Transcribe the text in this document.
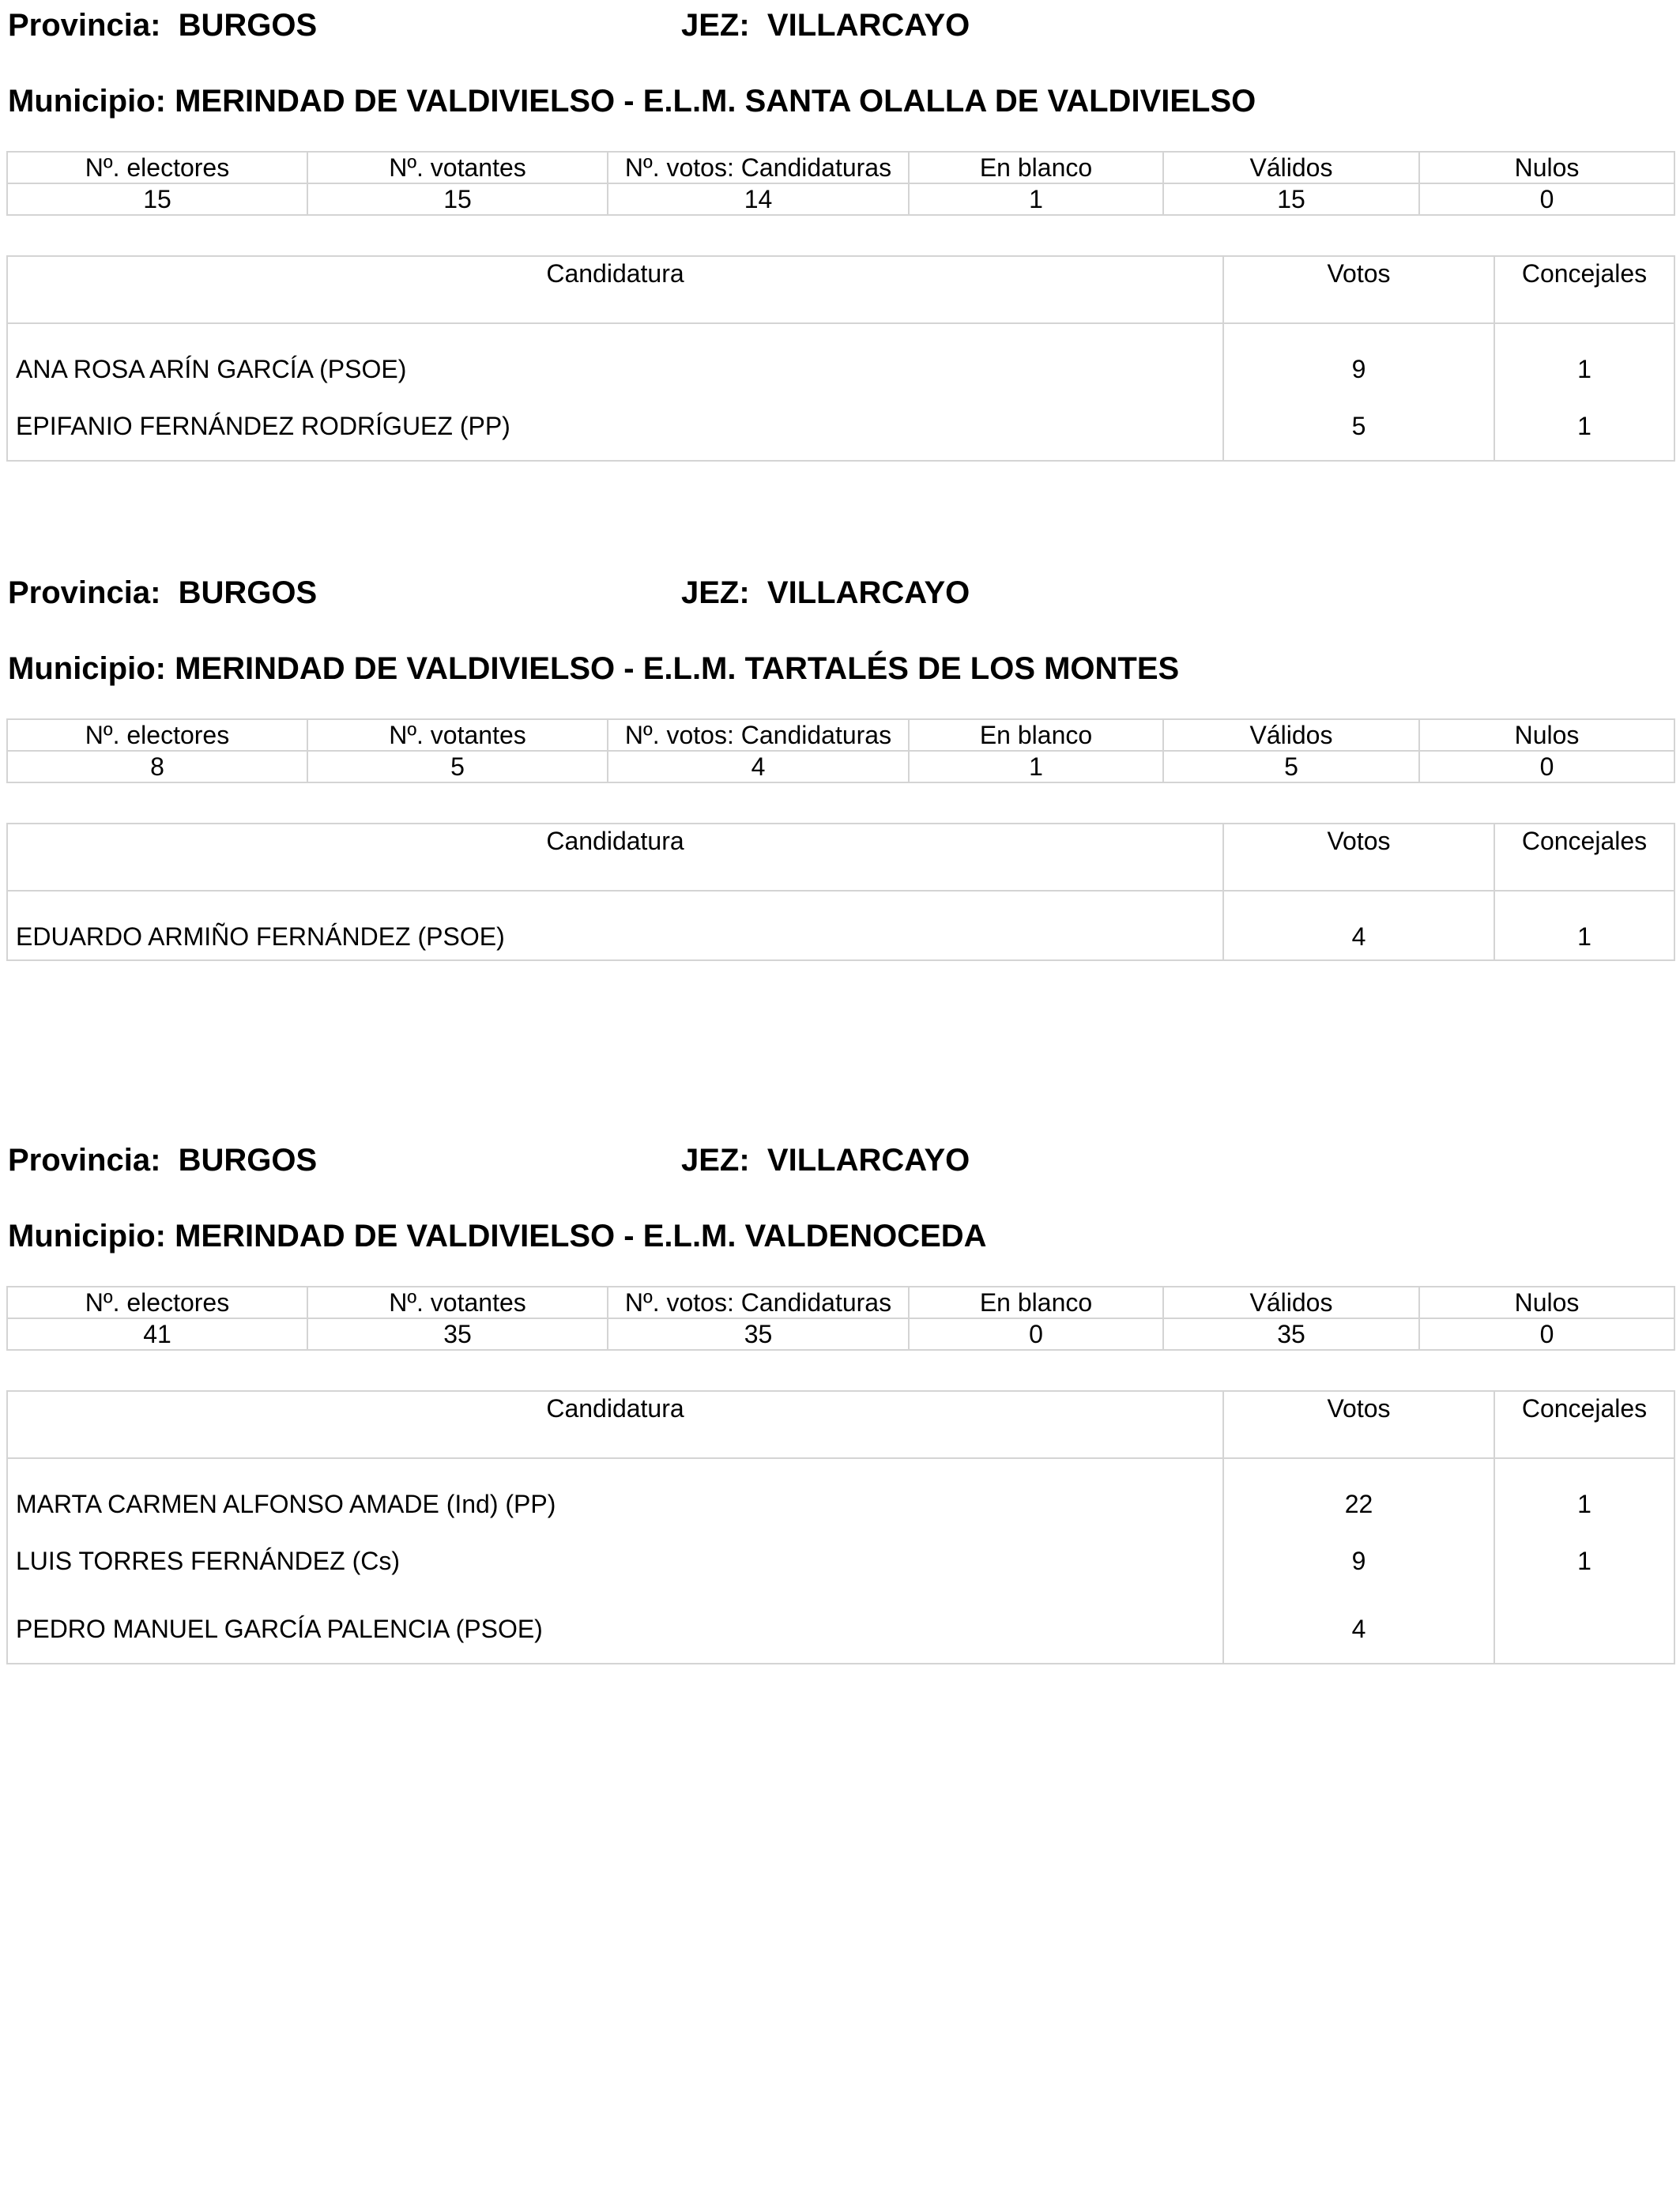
Provincia: BURGOS	JEZ: VILLARCAYO
Municipio: MERINDAD DE VALDIVIELSO - E.L.M. SANTA OLALLA DE VALDIVIELSO
Nº. electores	Nº. votantes	Nº. votos: Candidaturas	En blanco	Válidos	Nulos
15	15	14	1	15	0
Candidatura	Votos	Concejales
ANA ROSA ARÍN GARCÍA (PSOE)	9	1
EPIFANIO FERNÁNDEZ RODRÍGUEZ (PP)	5	1
Provincia: BURGOS	JEZ: VILLARCAYO
Municipio: MERINDAD DE VALDIVIELSO - E.L.M. TARTALÉS DE LOS MONTES
Nº. electores	Nº. votantes	Nº. votos: Candidaturas	En blanco	Válidos	Nulos
8	5	4	1	5	0
Candidatura	Votos	Concejales
EDUARDO ARMIÑO FERNÁNDEZ (PSOE)	4	1
Provincia: BURGOS	JEZ: VILLARCAYO
Municipio: MERINDAD DE VALDIVIELSO - E.L.M. VALDENOCEDA
Nº. electores	Nº. votantes	Nº. votos: Candidaturas	En blanco	Válidos	Nulos
41	35	35	0	35	0
Candidatura	Votos	Concejales
MARTA CARMEN ALFONSO AMADE (Ind) (PP)	22	1
LUIS TORRES FERNÁNDEZ (Cs)	9	1
PEDRO MANUEL GARCÍA PALENCIA (PSOE)	4	
